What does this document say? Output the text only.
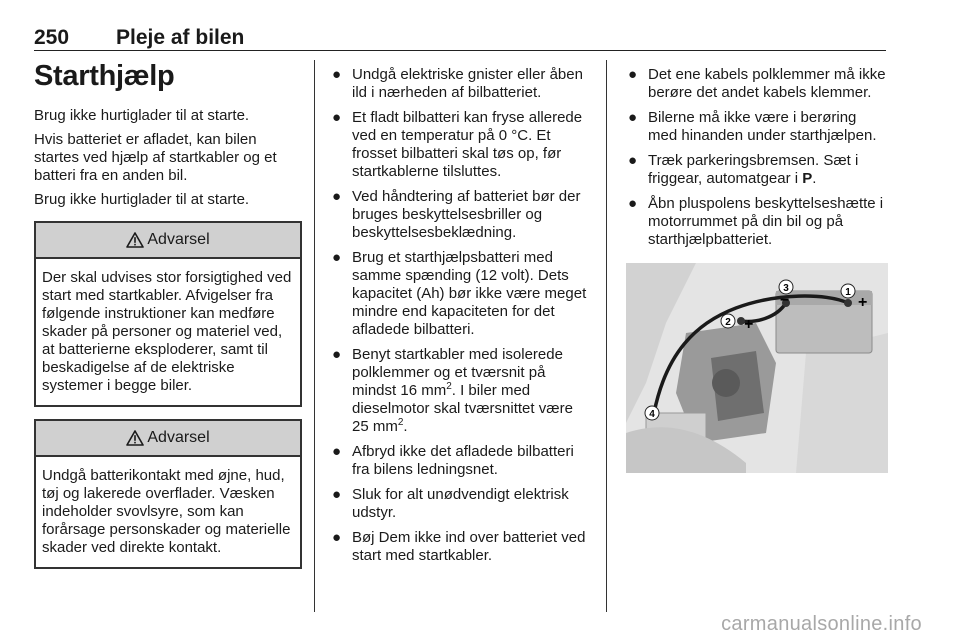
250 Pleje af bilen
Starthjælp

Brug ikke hurtiglader til at starte.

Hvis batteriet er afladet, kan bilen startes ved hjælp af startkabler og et batteri fra en anden bil.

Brug ikke hurtiglader til at starte.

Advarsel
Der skal udvises stor forsigtighed ved start med startkabler. Afvigelser fra følgende instruktioner kan medføre skader på personer og materiel ved, at batterierne eksploderer, samt til beskadigelse af de elektriske systemer i begge biler.
Advarsel
Undgå batterikontakt med øjne, hud, tøj og lakerede overflader. Væsken indeholder svovlsyre, som kan forårsage personskader og materielle skader ved direkte kontakt.
● Undgå elektriske gnister eller åben ild i nærheden af bilbatteriet.
● Et fladt bilbatteri kan fryse allerede ved en temperatur på 0 °C. Et frosset bilbatteri skal tøs op, før startkablerne tilsluttes.
● Ved håndtering af batteriet bør der bruges beskyttelsesbriller og beskyttelsesbeklædning.
● Brug et starthjælpsbatteri med samme spænding (12 volt). Dets kapacitet (Ah) bør ikke være meget mindre end kapaciteten for det afladede bilbatteri.
● Benyt startkabler med isolerede polklemmer og et tværsnit på mindst 16 $mm^2$. I biler med dieselmotor skal tværsnittet være 25 $mm^2$.
● Afbryd ikke det afladede bilbatteri fra bilens ledningsnet.
● Sluk for alt unødvendigt elektrisk udstyr.
● Bøj Dem ikke ind over batteriet ved start med startkabler.
● Det ene kabels polklemmer må ikke berøre det andet kabels klemmer.
● Bilerne må ikke være i berøring med hinanden under starthjælpen.
● Træk parkeringsbremsen. Sæt i friggear, automatgear i P.
● Åbn pluspolens beskyttelseshætte i motorrummet på din bil og på starthjælpbatteriet.
1
2
3
4
+
+
−
carmanualsonline.info
